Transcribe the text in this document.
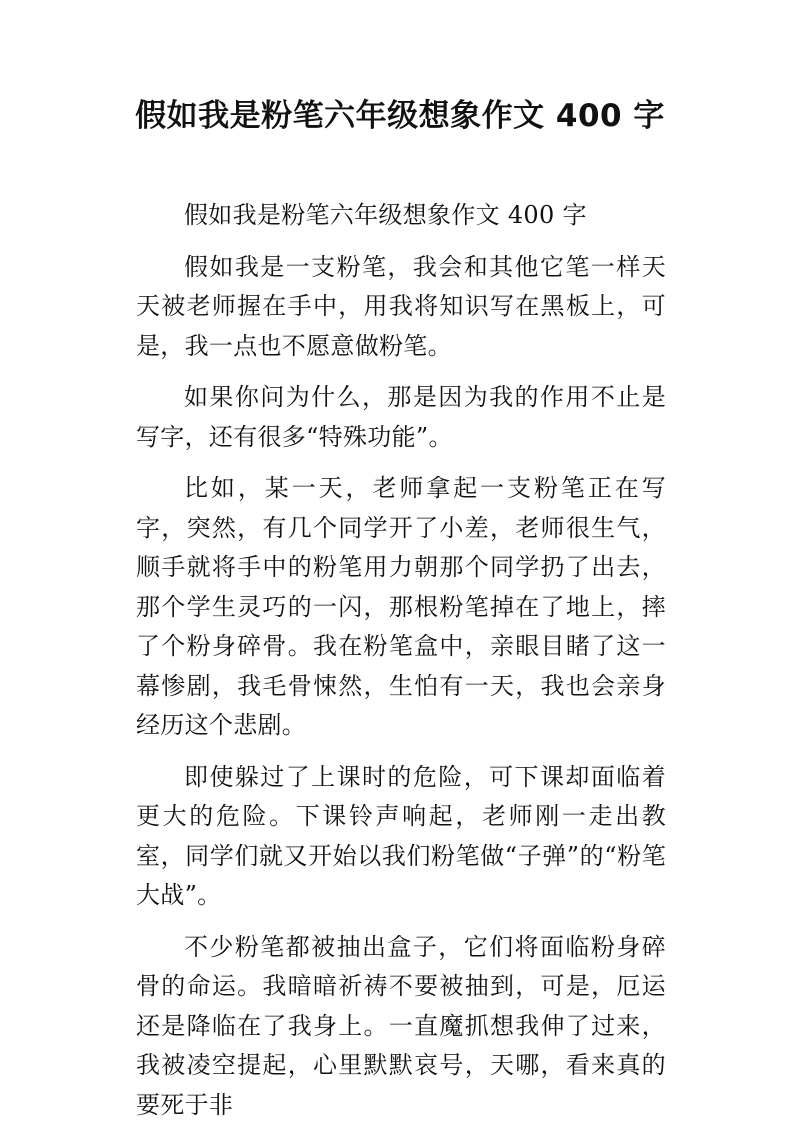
假如我是粉笔六年级想象作文 400 字

假如我是粉笔六年级想象作文 400 字

假如我是一支粉笔，我会和其他它笔一样天天被老师握在手中，用我将知识写在黑板上，可是，我一点也不愿意做粉笔。

如果你问为什么，那是因为我的作用不止是写字，还有很多“特殊功能”。

比如，某一天，老师拿起一支粉笔正在写字，突然，有几个同学开了小差，老师很生气，顺手就将手中的粉笔用力朝那个同学扔了出去，那个学生灵巧的一闪，那根粉笔掉在了地上，摔了个粉身碎骨。我在粉笔盒中，亲眼目睹了这一幕惨剧，我毛骨悚然，生怕有一天，我也会亲身经历这个悲剧。

即使躲过了上课时的危险，可下课却面临着更大的危险。下课铃声响起，老师刚一走出教室，同学们就又开始以我们粉笔做“子弹”的“粉笔大战”。

不少粉笔都被抽出盒子，它们将面临粉身碎骨的命运。我暗暗祈祷不要被抽到，可是，厄运还是降临在了我身上。一直魔抓想我伸了过来，我被凌空提起，心里默默哀号，天哪，看来真的要死于非
